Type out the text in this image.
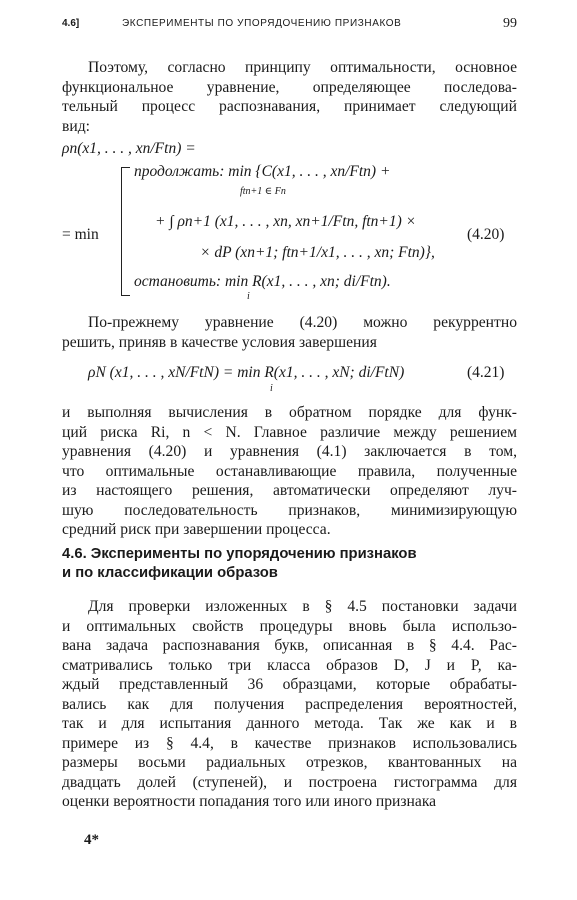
4.6]	ЭКСПЕРИМЕНТЫ ПО УПОРЯДОЧЕНИЮ ПРИЗНАКОВ	99
Поэтому, согласно принципу оптимальности, основное
функциональное уравнение, определяющее последова-
тельный процесс распознавания, принимает следующий
вид:
ρn(x1, . . . , xn/Ftn) =
= min
продолжать: min {C(x1, . . . , xn/Ftn) +
ftn+1 ∈ Fn
+ ∫ ρn+1 (x1, . . . , xn, xn+1/Ftn, ftn+1) ×
× dP (xn+1; ftn+1/x1, . . . , xn; Ftn)},
остановить: min R(x1, . . . , xn; di/Ftn).
i
(4.20)
По-прежнему уравнение (4.20) можно рекуррентно
решить, приняв в качестве условия завершения
ρN (x1, . . . , xN/FtN) = min R(x1, . . . , xN; di/FtN)
i
(4.21)
и выполняя вычисления в обратном порядке для функ-
ций риска Ri, n < N. Главное различие между решением
уравнения (4.20) и уравнения (4.1) заключается в том,
что оптимальные останавливающие правила, полученные
из настоящего решения, автоматически определяют луч-
шую последовательность признаков, минимизирующую
средний риск при завершении процесса.
4.6. Эксперименты по упорядочению признаков
и по классификации образов
Для проверки изложенных в § 4.5 постановки задачи
и оптимальных свойств процедуры вновь была использо-
вана задача распознавания букв, описанная в § 4.4. Рас-
сматривались только три класса образов D, J и P, ка-
ждый представленный 36 образцами, которые обрабаты-
вались как для получения распределения вероятностей,
так и для испытания данного метода. Так же как и в
примере из § 4.4, в качестве признаков использовались
размеры восьми радиальных отрезков, квантованных на
двадцать долей (ступеней), и построена гистограмма для
оценки вероятности попадания того или иного признака
4*
